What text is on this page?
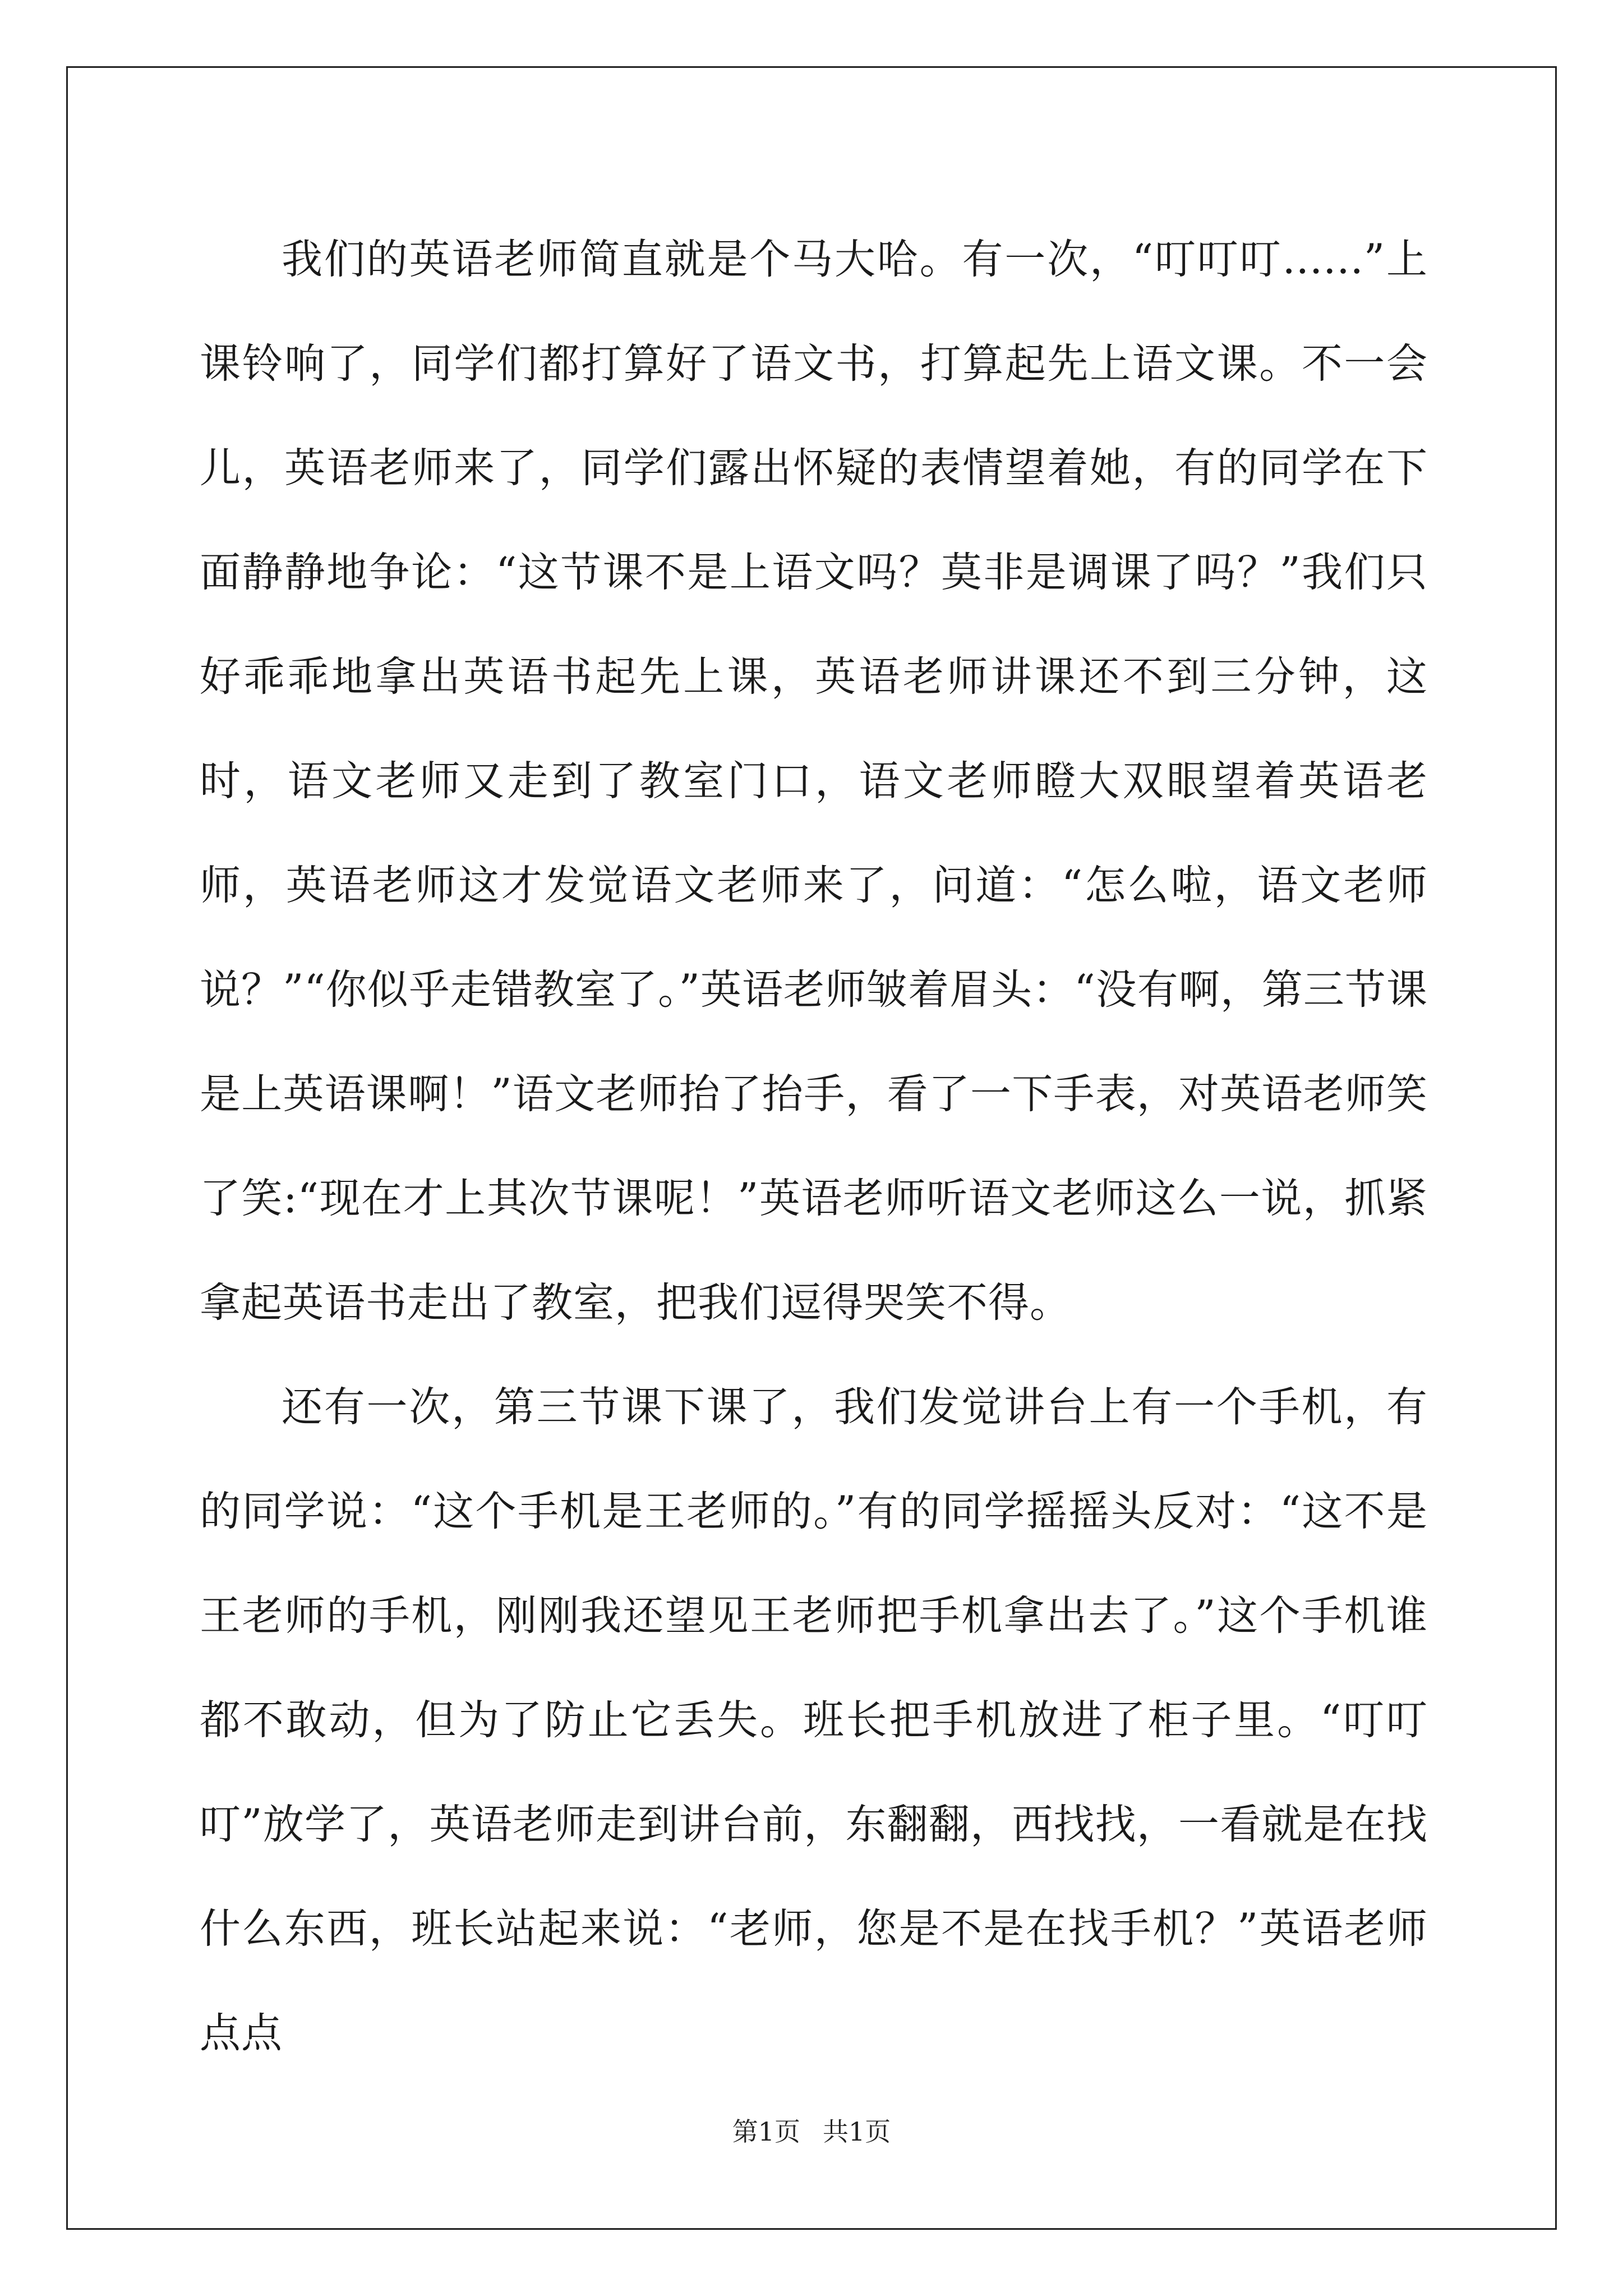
我们的英语老师简直就是个马大哈。有一次，“叮叮叮......”上课铃响了，同学们都打算好了语文书，打算起先上语文课。不一会儿，英语老师来了，同学们露出怀疑的表情望着她，有的同学在下面静静地争论：“这节课不是上语文吗？莫非是调课了吗？”我们只好乖乖地拿出英语书起先上课，英语老师讲课还不到三分钟，这时，语文老师又走到了教室门口，语文老师瞪大双眼望着英语老师，英语老师这才发觉语文老师来了，问道：“怎么啦，语文老师说？”“你似乎走错教室了。”英语老师皱着眉头：“没有啊，第三节课是上英语课啊！”语文老师抬了抬手，看了一下手表，对英语老师笑了笑:“现在才上其次节课呢！”英语老师听语文老师这么一说，抓紧拿起英语书走出了教室，把我们逗得哭笑不得。

还有一次，第三节课下课了，我们发觉讲台上有一个手机，有的同学说：“这个手机是王老师的。”有的同学摇摇头反对：“这不是王老师的手机，刚刚我还望见王老师把手机拿出去了。”这个手机谁都不敢动，但为了防止它丢失。班长把手机放进了柜子里。“叮叮叮”放学了，英语老师走到讲台前，东翻翻，西找找，一看就是在找什么东西，班长站起来说：“老师，您是不是在找手机？”英语老师点点

第1页 共1页
